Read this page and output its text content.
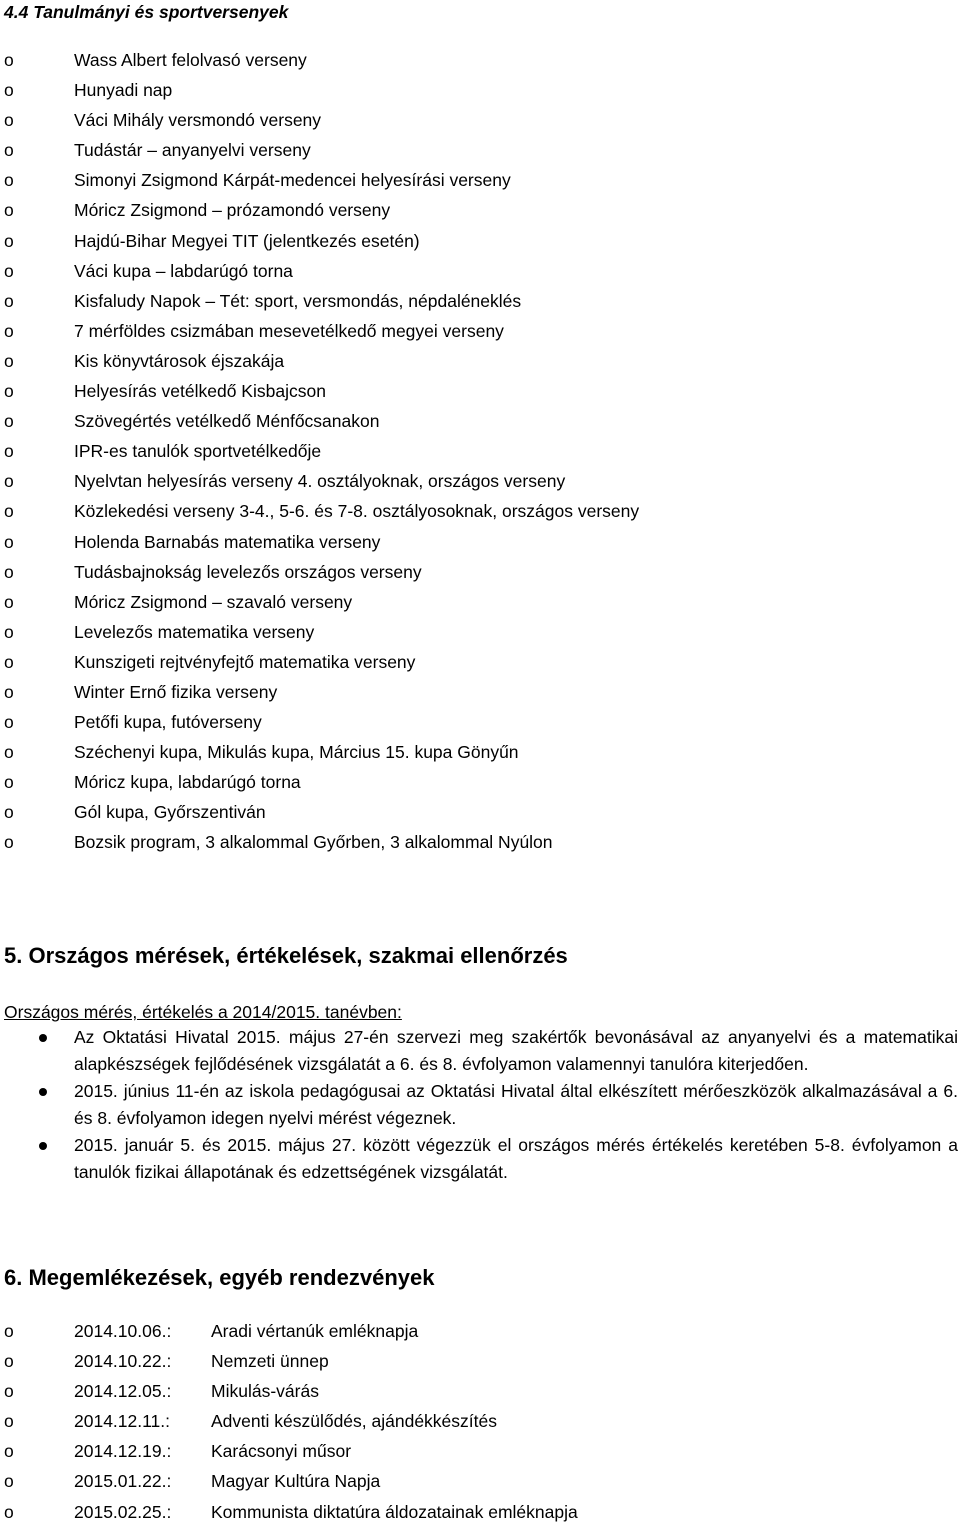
4.4 Tanulmányi és sportversenyek
o	Wass Albert felolvasó verseny
o	Hunyadi nap
o	Váci Mihály versmondó verseny
o	Tudástár – anyanyelvi verseny
o	Simonyi Zsigmond Kárpát-medencei helyesírási verseny
o	Móricz Zsigmond – prózamondó verseny
o	Hajdú-Bihar Megyei TIT (jelentkezés esetén)
o	Váci kupa – labdarúgó torna
o	Kisfaludy Napok – Tét: sport, versmondás, népdaléneklés
o	7 mérföldes csizmában mesevetélkedő megyei verseny
o	Kis könyvtárosok éjszakája
o	Helyesírás vetélkedő Kisbajcson
o	Szövegértés vetélkedő Ménfőcsanakon
o	IPR-es tanulók sportvetélkedője
o	Nyelvtan helyesírás verseny 4. osztályoknak, országos verseny
o	Közlekedési verseny 3-4., 5-6. és 7-8. osztályosoknak, országos verseny
o	Holenda Barnabás matematika verseny
o	Tudásbajnokság levelezős országos verseny
o	Móricz Zsigmond – szavaló verseny
o	Levelezős matematika verseny
o	Kunszigeti rejtvényfejtő matematika verseny
o	Winter Ernő fizika verseny
o	Petőfi kupa, futóverseny
o	Széchenyi kupa, Mikulás kupa, Március 15. kupa Gönyűn
o	Móricz kupa, labdarúgó torna
o	Gól kupa, Győrszentiván
o	Bozsik program, 3 alkalommal Győrben, 3 alkalommal Nyúlon
5. Országos mérések, értékelések, szakmai ellenőrzés
Országos mérés, értékelés a 2014/2015. tanévben:
Az Oktatási Hivatal 2015. május 27-én szervezi meg szakértők bevonásával az anyanyelvi és a matematikai alapkészségek fejlődésének vizsgálatát a 6. és 8. évfolyamon valamennyi tanulóra kiterjedően.
2015. június 11-én az iskola pedagógusai az Oktatási Hivatal által elkészített mérőeszközök alkalmazásával a 6. és 8. évfolyamon idegen nyelvi mérést végeznek.
2015. január 5. és 2015. május 27. között végezzük el országos mérés értékelés keretében 5-8. évfolyamon a tanulók fizikai állapotának és edzettségének vizsgálatát.
6. Megemlékezések, egyéb rendezvények
o	2014.10.06.: Aradi vértanúk emléknapja
o	2014.10.22.: Nemzeti ünnep
o	2014.12.05.: Mikulás-várás
o	2014.12.11.: Adventi készülődés, ajándékkészítés
o	2014.12.19.: Karácsonyi műsor
o	2015.01.22.: Magyar Kultúra Napja
o	2015.02.25.: Kommunista diktatúra áldozatainak emléknapja
